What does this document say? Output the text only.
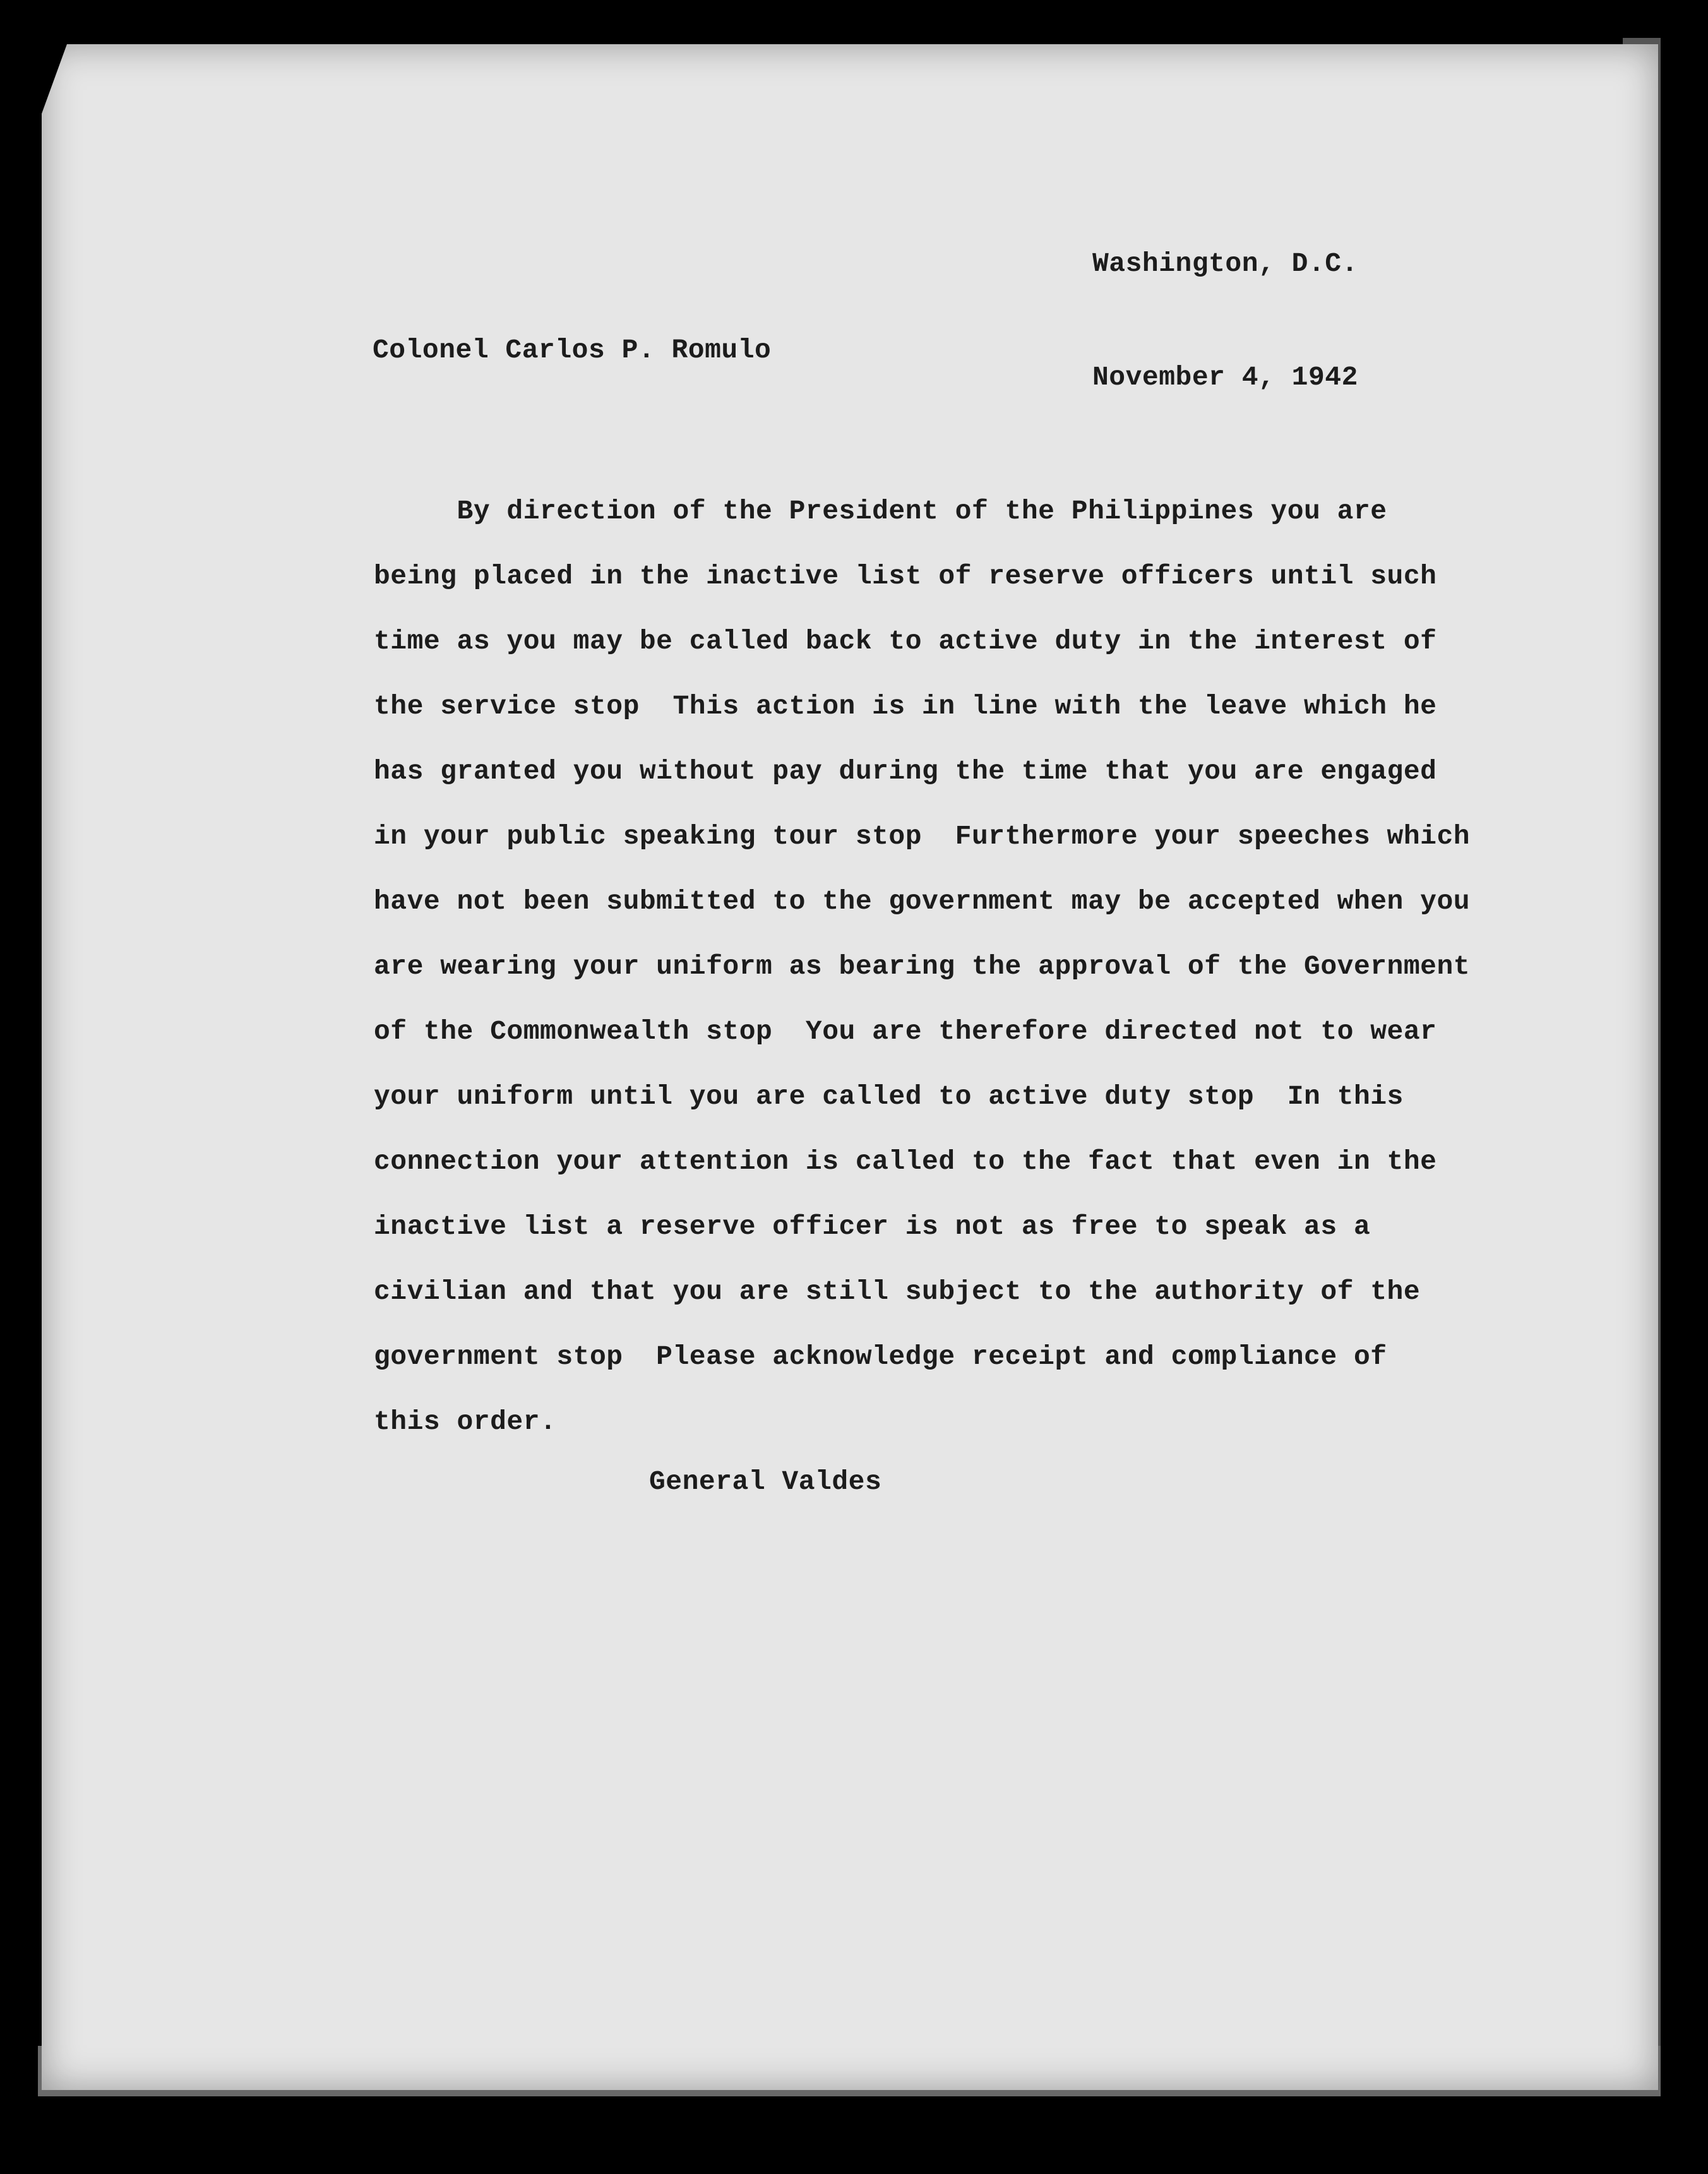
Washington, D.C.

November 4, 1942

Colonel Carlos P. Romulo
By direction of the President of the Philippines you are
being placed in the inactive list of reserve officers until such
time as you may be called back to active duty in the interest of
the service stop  This action is in line with the leave which he
has granted you without pay during the time that you are engaged
in your public speaking tour stop  Furthermore your speeches which
have not been submitted to the government may be accepted when you
are wearing your uniform as bearing the approval of the Government
of the Commonwealth stop  You are therefore directed not to wear
your uniform until you are called to active duty stop  In this
connection your attention is called to the fact that even in the
inactive list a reserve officer is not as free to speak as a
civilian and that you are still subject to the authority of the
government stop  Please acknowledge receipt and compliance of
this order.
General Valdes
